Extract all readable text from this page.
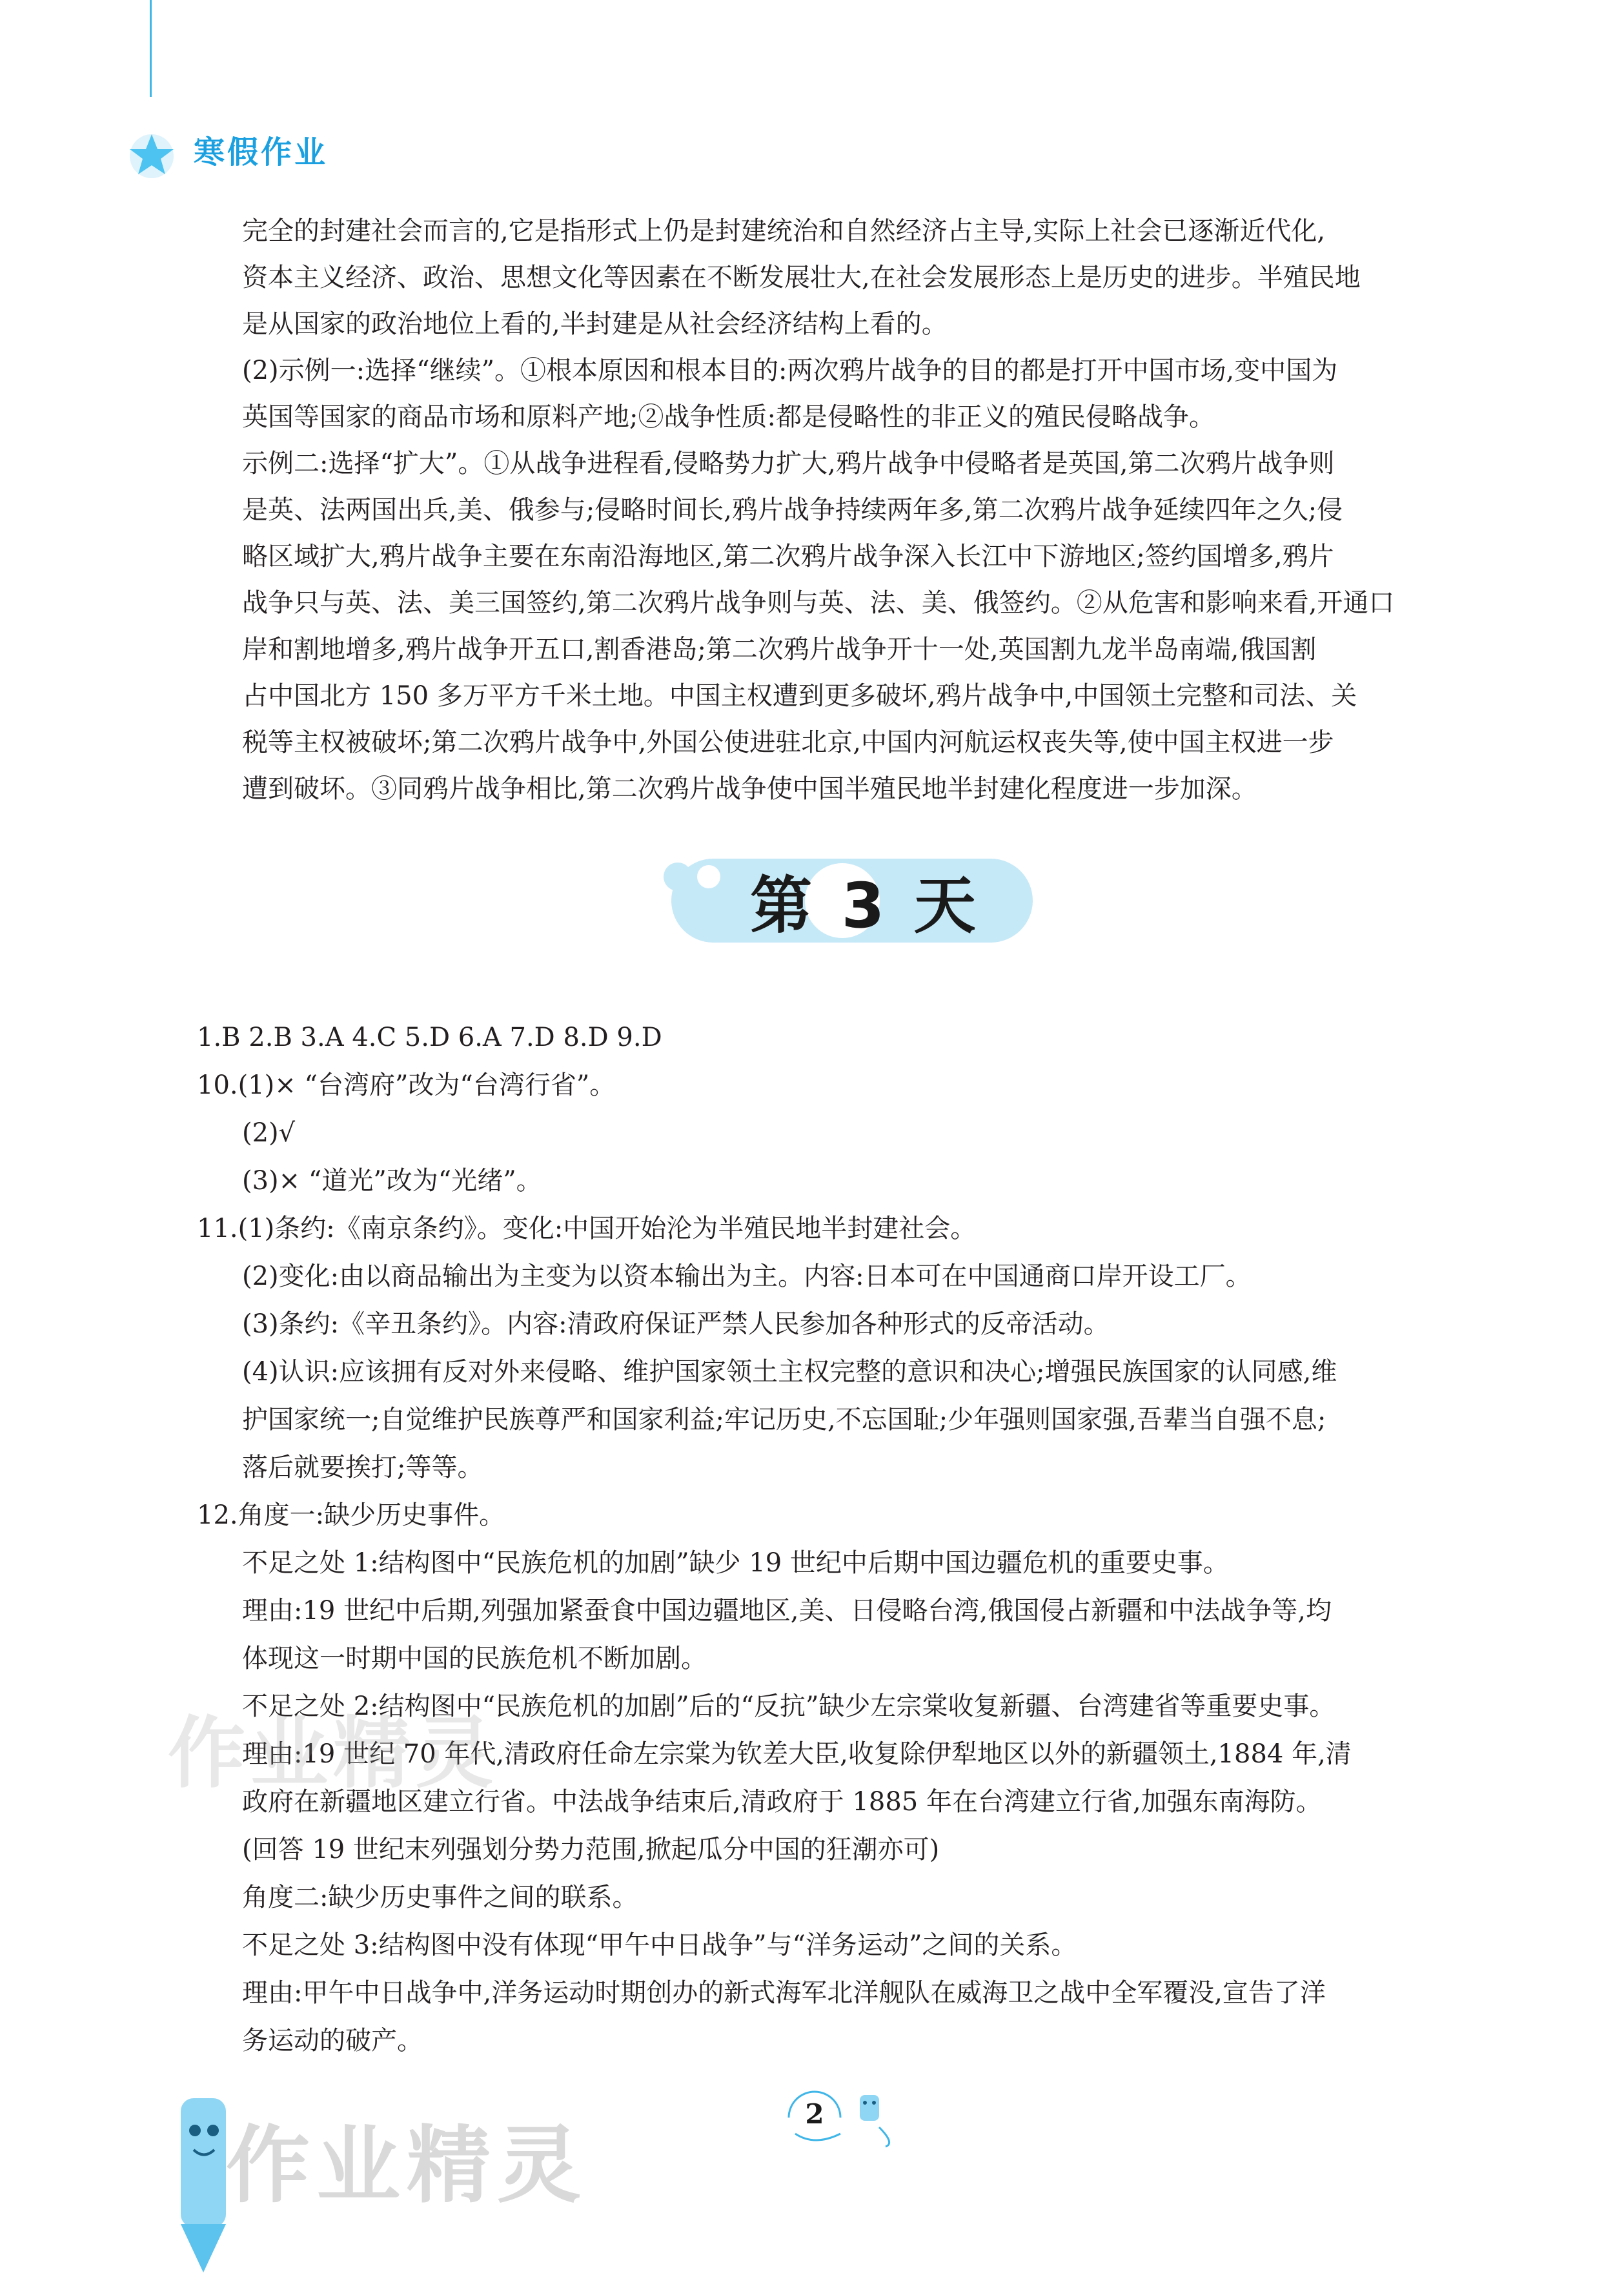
寒假作业

完全的封建社会而言的,它是指形式上仍是封建统治和自然经济占主导,实际上社会已逐渐近代化,

资本主义经济、政治、思想文化等因素在不断发展壮大,在社会发展形态上是历史的进步。半殖民地

是从国家的政治地位上看的,半封建是从社会经济结构上看的。

(2)示例一:选择“继续”。①根本原因和根本目的:两次鸦片战争的目的都是打开中国市场,变中国为

英国等国家的商品市场和原料产地;②战争性质:都是侵略性的非正义的殖民侵略战争。

示例二:选择“扩大”。①从战争进程看,侵略势力扩大,鸦片战争中侵略者是英国,第二次鸦片战争则

是英、法两国出兵,美、俄参与;侵略时间长,鸦片战争持续两年多,第二次鸦片战争延续四年之久;侵

略区域扩大,鸦片战争主要在东南沿海地区,第二次鸦片战争深入长江中下游地区;签约国增多,鸦片

战争只与英、法、美三国签约,第二次鸦片战争则与英、法、美、俄签约。②从危害和影响来看,开通口

岸和割地增多,鸦片战争开五口,割香港岛;第二次鸦片战争开十一处,英国割九龙半岛南端,俄国割

占中国北方 150 多万平方千米土地。中国主权遭到更多破坏,鸦片战争中,中国领土完整和司法、关

税等主权被破坏;第二次鸦片战争中,外国公使进驻北京,中国内河航运权丧失等,使中国主权进一步

遭到破坏。③同鸦片战争相比,第二次鸦片战争使中国半殖民地半封建化程度进一步加深。

第 3 天

1.B 2.B 3.A 4.C 5.D 6.A 7.D 8.D 9.D

10.(1)× “台湾府”改为“台湾行省”。

(2)√

(3)× “道光”改为“光绪”。

11.(1)条约:《南京条约》。变化:中国开始沦为半殖民地半封建社会。

(2)变化:由以商品输出为主变为以资本输出为主。内容:日本可在中国通商口岸开设工厂。

(3)条约:《辛丑条约》。内容:清政府保证严禁人民参加各种形式的反帝活动。

(4)认识:应该拥有反对外来侵略、维护国家领土主权完整的意识和决心;增强民族国家的认同感,维

护国家统一;自觉维护民族尊严和国家利益;牢记历史,不忘国耻;少年强则国家强,吾辈当自强不息;

落后就要挨打;等等。

12.角度一:缺少历史事件。

不足之处 1:结构图中“民族危机的加剧”缺少 19 世纪中后期中国边疆危机的重要史事。

理由:19 世纪中后期,列强加紧蚕食中国边疆地区,美、日侵略台湾,俄国侵占新疆和中法战争等,均

体现这一时期中国的民族危机不断加剧。

不足之处 2:结构图中“民族危机的加剧”后的“反抗”缺少左宗棠收复新疆、台湾建省等重要史事。

理由:19 世纪 70 年代,清政府任命左宗棠为钦差大臣,收复除伊犁地区以外的新疆领土,1884 年,清

政府在新疆地区建立行省。中法战争结束后,清政府于 1885 年在台湾建立行省,加强东南海防。

(回答 19 世纪末列强划分势力范围,掀起瓜分中国的狂潮亦可)

角度二:缺少历史事件之间的联系。

不足之处 3:结构图中没有体现“甲午中日战争”与“洋务运动”之间的关系。

理由:甲午中日战争中,洋务运动时期创办的新式海军北洋舰队在威海卫之战中全军覆没,宣告了洋

务运动的破产。

作业精灵
作业精灵
2
